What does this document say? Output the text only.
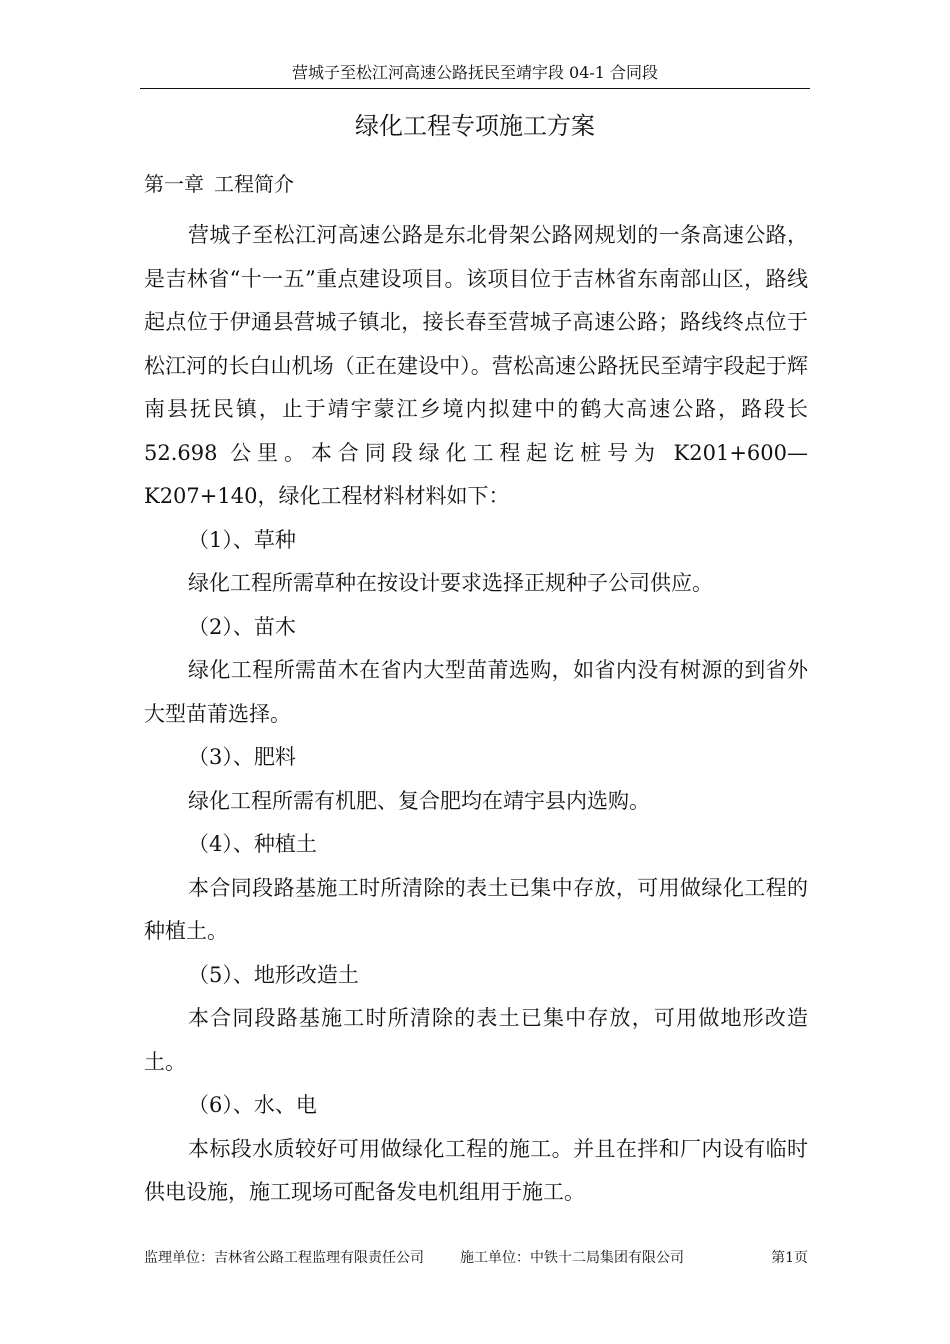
营城子至松江河高速公路抚民至靖宇段 04-1 合同段
绿化工程专项施工方案
第一章 工程简介

营城子至松江河高速公路是东北骨架公路网规划的一条高速公路，是吉林省“十一五”重点建设项目。该项目位于吉林省东南部山区，路线起点位于伊通县营城子镇北，接长春至营城子高速公路；路线终点位于松江河的长白山机场（正在建设中）。营松高速公路抚民至靖宇段起于辉南县抚民镇，止于靖宇蒙江乡境内拟建中的鹤大高速公路，路段长 52.698 公里。本合同段绿化工程起讫桩号为 K201+600—K207+140，绿化工程材料材料如下：

（1）、草种

绿化工程所需草种在按设计要求选择正规种子公司供应。

（2）、苗木

绿化工程所需苗木在省内大型苗莆选购，如省内没有树源的到省外大型苗莆选择。

（3）、肥料

绿化工程所需有机肥、复合肥均在靖宇县内选购。

（4）、种植土

本合同段路基施工时所清除的表土已集中存放，可用做绿化工程的种植土。

（5）、地形改造土

本合同段路基施工时所清除的表土已集中存放，可用做地形改造土。

（6）、水、电

本标段水质较好可用做绿化工程的施工。并且在拌和厂内设有临时供电设施，施工现场可配备发电机组用于施工。

监理单位：吉林省公路工程监理有限责任公司	施工单位：中铁十二局集团有限公司	第1页
